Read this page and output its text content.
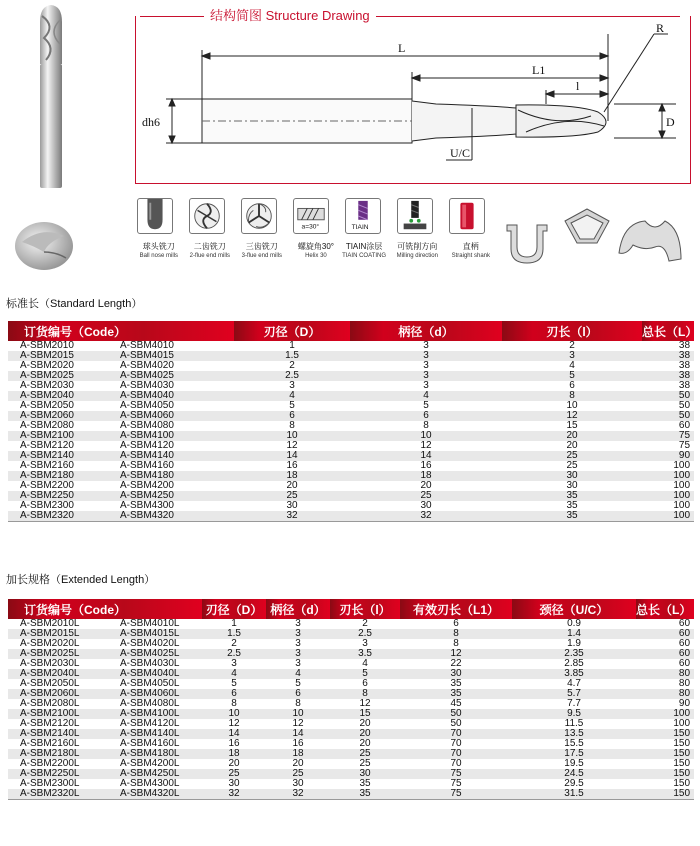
结构简图 Structure Drawing
L
L1
l
R
D
dh6
U/C
球头铣刀
Ball nose mills
二齿铣刀
2-flue end mills
三齿铣刀
3-flue end mills
a=30°
螺旋角30°
Helix 30
TIAIN
TIAIN涂层
TIAIN COATING
可铣削方向
Milling direction
直柄
Straight shank
标准长（Standard Length）
订货编号（Code）		刃径（D）	柄径（d）	刃长（l）	总长（L）
A-SBM2010	A-SBM4010	1	3	2	38
A-SBM2015	A-SBM4015	1.5	3	3	38
A-SBM2020	A-SBM4020	2	3	4	38
A-SBM2025	A-SBM4025	2.5	3	5	38
A-SBM2030	A-SBM4030	3	3	6	38
A-SBM2040	A-SBM4040	4	4	8	50
A-SBM2050	A-SBM4050	5	5	10	50
A-SBM2060	A-SBM4060	6	6	12	50
A-SBM2080	A-SBM4080	8	8	15	60
A-SBM2100	A-SBM4100	10	10	20	75
A-SBM2120	A-SBM4120	12	12	20	75
A-SBM2140	A-SBM4140	14	14	25	90
A-SBM2160	A-SBM4160	16	16	25	100
A-SBM2180	A-SBM4180	18	18	30	100
A-SBM2200	A-SBM4200	20	20	30	100
A-SBM2250	A-SBM4250	25	25	35	100
A-SBM2300	A-SBM4300	30	30	35	100
A-SBM2320	A-SBM4320	32	32	35	100
加长规格（Extended Length）
订货编号（Code）		刃径（D）	柄径（d）	刃长（l）	有效刃长（L1）	颈径（U/C）	总长（L）
A-SBM2010L	A-SBM4010L	1	3	2	6	0.9	60
A-SBM2015L	A-SBM4015L	1.5	3	2.5	8	1.4	60
A-SBM2020L	A-SBM4020L	2	3	3	8	1.9	60
A-SBM2025L	A-SBM4025L	2.5	3	3.5	12	2.35	60
A-SBM2030L	A-SBM4030L	3	3	4	22	2.85	60
A-SBM2040L	A-SBM4040L	4	4	5	30	3.85	80
A-SBM2050L	A-SBM4050L	5	5	6	35	4.7	80
A-SBM2060L	A-SBM4060L	6	6	8	35	5.7	80
A-SBM2080L	A-SBM4080L	8	8	12	45	7.7	90
A-SBM2100L	A-SBM4100L	10	10	15	50	9.5	100
A-SBM2120L	A-SBM4120L	12	12	20	50	11.5	100
A-SBM2140L	A-SBM4140L	14	14	20	70	13.5	150
A-SBM2160L	A-SBM4160L	16	16	20	70	15.5	150
A-SBM2180L	A-SBM4180L	18	18	25	70	17.5	150
A-SBM2200L	A-SBM4200L	20	20	25	70	19.5	150
A-SBM2250L	A-SBM4250L	25	25	30	75	24.5	150
A-SBM2300L	A-SBM4300L	30	30	35	75	29.5	150
A-SBM2320L	A-SBM4320L	32	32	35	75	31.5	150
